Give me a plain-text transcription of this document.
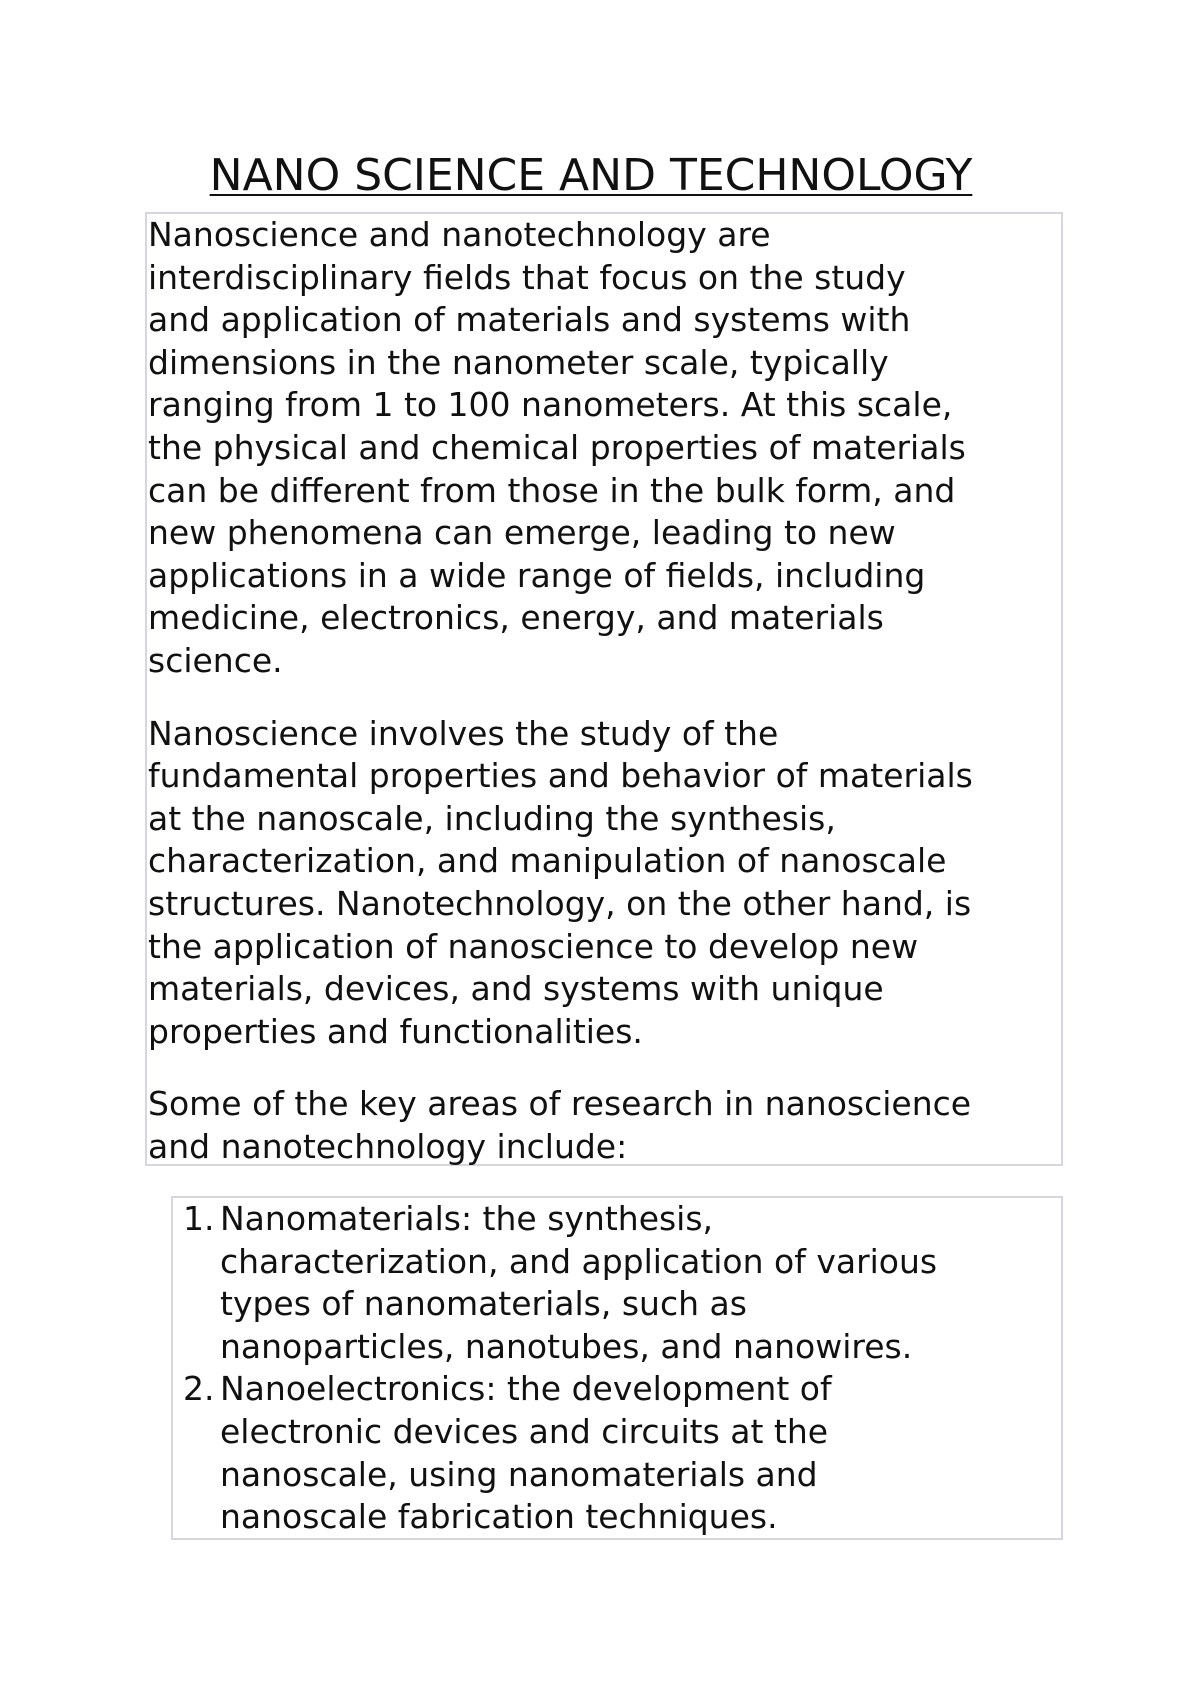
NANO SCIENCE AND TECHNOLOGY

Nanoscience and nanotechnology are
interdisciplinary fields that focus on the study
and application of materials and systems with
dimensions in the nanometer scale, typically
ranging from 1 to 100 nanometers. At this scale,
the physical and chemical properties of materials
can be different from those in the bulk form, and
new phenomena can emerge, leading to new
applications in a wide range of fields, including
medicine, electronics, energy, and materials
science.

Nanoscience involves the study of the
fundamental properties and behavior of materials
at the nanoscale, including the synthesis,
characterization, and manipulation of nanoscale
structures. Nanotechnology, on the other hand, is
the application of nanoscience to develop new
materials, devices, and systems with unique
properties and functionalities.

Some of the key areas of research in nanoscience
and nanotechnology include:

1. Nanomaterials: the synthesis,
characterization, and application of various
types of nanomaterials, such as
nanoparticles, nanotubes, and nanowires.
2. Nanoelectronics: the development of
electronic devices and circuits at the
nanoscale, using nanomaterials and
nanoscale fabrication techniques.
